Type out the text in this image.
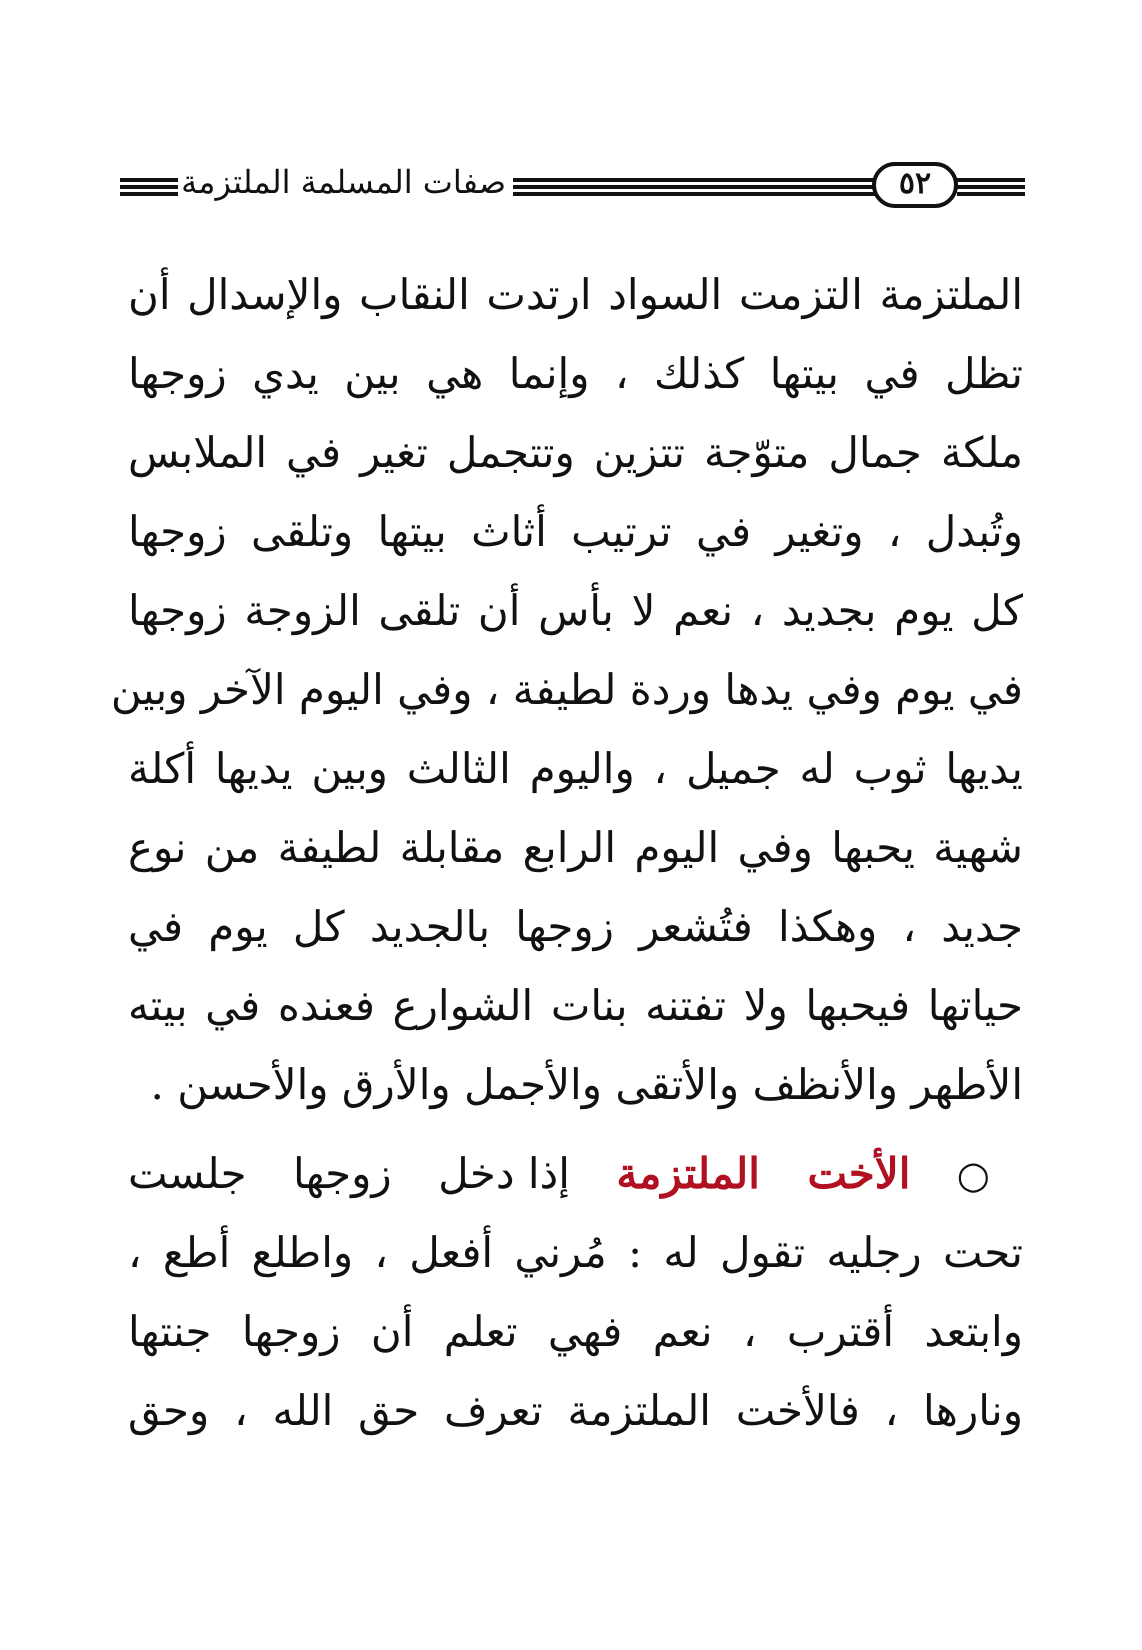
صفات المسلمة الملتزمة	٥٢
الملتزمة التزمت السواد ارتدت النقاب والإسدال أن
تظل في بيتها كذلك ، وإنما هي بين يدي زوجها
ملكة جمال متوّجة تتزين وتتجمل تغير في الملابس
وتُبدل ، وتغير في ترتيب أثاث بيتها وتلقى زوجها
كل يوم بجديد ، نعم لا بأس أن تلقى الزوجة زوجها
في يوم وفي يدها وردة لطيفة ، وفي اليوم الآخر وبين
يديها ثوب له جميل ، واليوم الثالث وبين يديها أكلة
شهية يحبها وفي اليوم الرابع مقابلة لطيفة من نوع
جديد ، وهكذا فتُشعر زوجها بالجديد كل يوم في
حياتها فيحبها ولا تفتنه بنات الشوارع فعنده في بيته
الأطهر والأنظف والأتقى والأجمل والأرق والأحسن .
○ الأخت الملتزمة إذا دخل زوجها جلست
تحت رجليه تقول له : مُرني أفعل ، واطلع أطع ،
وابتعد أقترب ، نعم فهي تعلم أن زوجها جنتها
ونارها ، فالأخت الملتزمة تعرف حق الله ، وحق
